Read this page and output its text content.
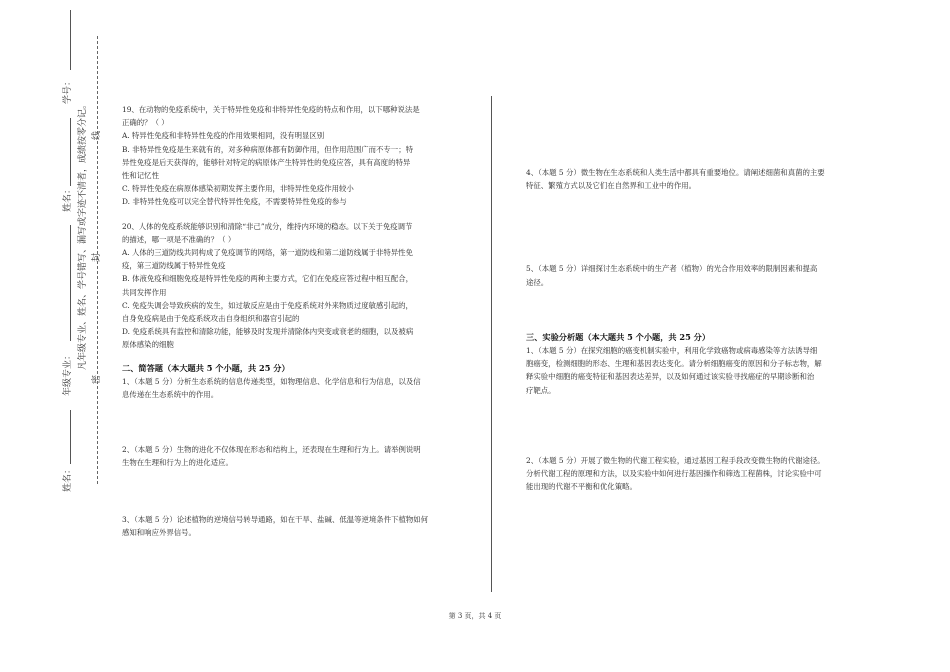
学号：
姓名：
年级专业：
姓名：
凡年级专业、姓名、学号错写、漏写或字迹不清者，成绩按零分记。
密
封
线

19、在动物的免疫系统中，关于特异性免疫和非特异性免疫的特点和作用，以下哪种说法是

正确的？（ ）

A. 特异性免疫和非特异性免疫的作用效果相同，没有明显区别

B. 非特异性免疫是生来就有的，对多种病原体都有防御作用，但作用范围广而不专一；特

异性免疫是后天获得的，能够针对特定的病原体产生特异性的免疫应答，具有高度的特异

性和记忆性

C. 特异性免疫在病原体感染初期发挥主要作用，非特异性免疫作用较小

D. 非特异性免疫可以完全替代特异性免疫，不需要特异性免疫的参与

20、人体的免疫系统能够识别和清除“非己”成分，维持内环境的稳态。以下关于免疫调节

的描述，哪一项是不准确的？（ ）

A. 人体的三道防线共同构成了免疫调节的网络，第一道防线和第二道防线属于非特异性免

疫，第三道防线属于特异性免疫

B. 体液免疫和细胞免疫是特异性免疫的两种主要方式，它们在免疫应答过程中相互配合，

共同发挥作用

C. 免疫失调会导致疾病的发生，如过敏反应是由于免疫系统对外来物质过度敏感引起的，

自身免疫病是由于免疫系统攻击自身组织和器官引起的

D. 免疫系统具有监控和清除功能，能够及时发现并清除体内突变或衰老的细胞，以及被病

原体感染的细胞

二、简答题（本大题共 5 个小题，共 25 分）

1、（本题 5 分）分析生态系统的信息传递类型，如物理信息、化学信息和行为信息，以及信

息传递在生态系统中的作用。

2、（本题 5 分）生物的进化不仅体现在形态和结构上，还表现在生理和行为上。请举例说明

生物在生理和行为上的进化适应。

3、（本题 5 分）论述植物的逆境信号转导通路，如在干旱、盐碱、低温等逆境条件下植物如何

感知和响应外界信号。

4、（本题 5 分）微生物在生态系统和人类生活中都具有重要地位。请阐述细菌和真菌的主要

特征、繁殖方式以及它们在自然界和工业中的作用。

5、（本题 5 分）详细探讨生态系统中的生产者（植物）的光合作用效率的限制因素和提高

途径。

三、实验分析题（本大题共 5 个小题，共 25 分）

1、（本题 5 分）在探究细胞的癌变机制实验中，利用化学致癌物或病毒感染等方法诱导细

胞癌变，检测细胞的形态、生理和基因表达变化。请分析细胞癌变的原因和分子标志物，解

释实验中细胞的癌变特征和基因表达差异，以及如何通过该实验寻找癌症的早期诊断和治

疗靶点。

2、（本题 5 分）开展了微生物的代谢工程实验，通过基因工程手段改变微生物的代谢途径。

分析代谢工程的原理和方法，以及实验中如何进行基因操作和筛选工程菌株，讨论实验中可

能出现的代谢不平衡和优化策略。

第 3 页，共 4 页
